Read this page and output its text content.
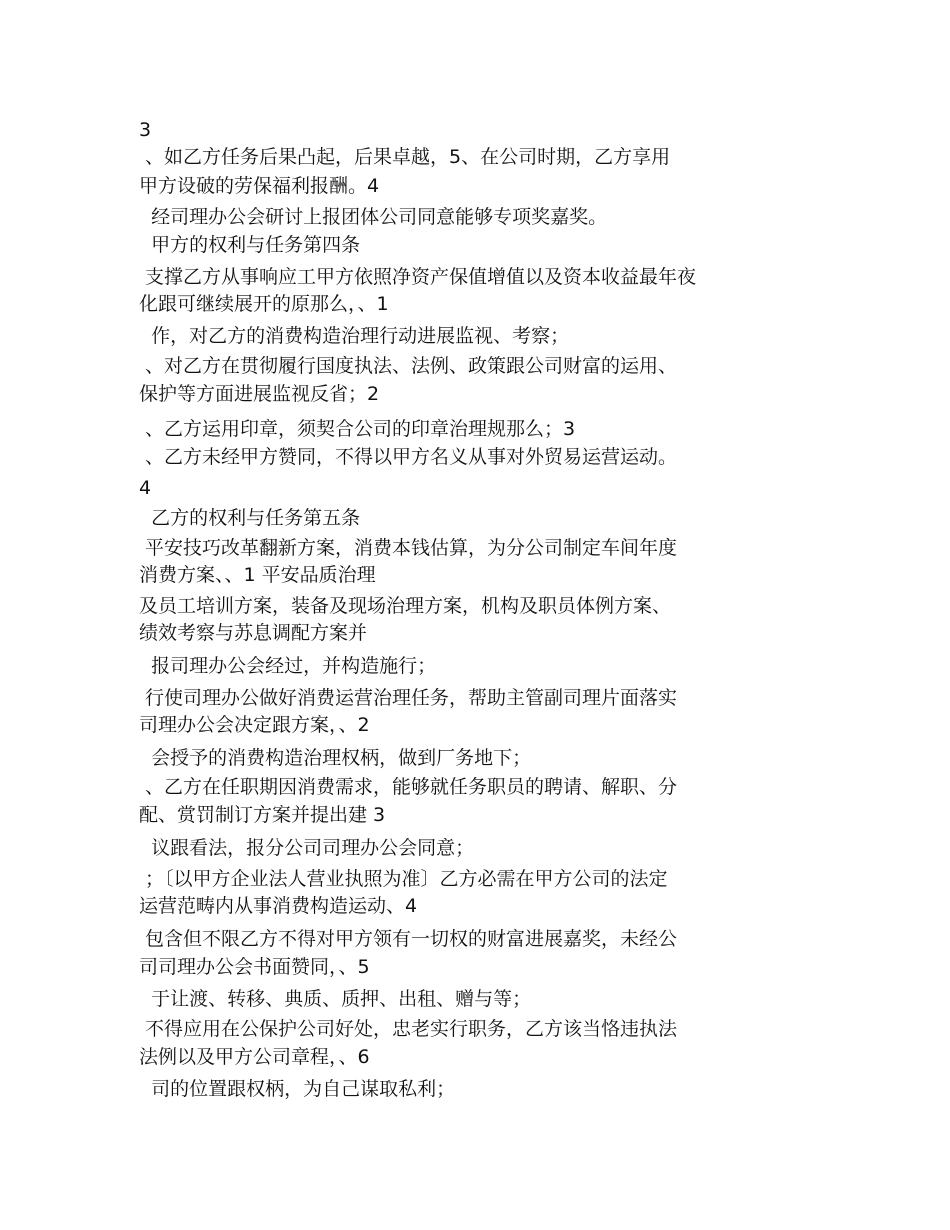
3
、如乙方任务后果凸起，后果卓越，5、在公司时期，乙方享用
甲方设破的劳保福利报酬。4
经司理办公会研讨上报团体公司同意能够专项奖嘉奖。
甲方的权利与任务第四条
支撑乙方从事响应工甲方依照净资产保值增值以及资本收益最年夜
化跟可继续展开的原那么，、1
作，对乙方的消费构造治理行动进展监视、考察；
、对乙方在贯彻履行国度执法、法例、政策跟公司财富的运用、
保护等方面进展监视反省；2
、乙方运用印章，须契合公司的印章治理规那么；3
、乙方未经甲方赞同，不得以甲方名义从事对外贸易运营运动。
4
乙方的权利与任务第五条
平安技巧改革翻新方案，消费本钱估算，为分公司制定车间年度
消费方案、、1 平安品质治理
及员工培训方案，装备及现场治理方案，机构及职员体例方案、
绩效考察与苏息调配方案并
报司理办公会经过，并构造施行；
行使司理办公做好消费运营治理任务，帮助主管副司理片面落实
司理办公会决定跟方案，、2
会授予的消费构造治理权柄，做到厂务地下；
、乙方在任职期因消费需求，能够就任务职员的聘请、解职、分
配、赏罚制订方案并提出建 3
议跟看法，报分公司司理办公会同意；
；〔以甲方企业法人营业执照为准〕乙方必需在甲方公司的法定
运营范畴内从事消费构造运动、4
包含但不限乙方不得对甲方领有一切权的财富进展嘉奖，未经公
司司理办公会书面赞同，、5
于让渡、转移、典质、质押、出租、赠与等；
不得应用在公保护公司好处，忠老实行职务，乙方该当恪违执法
法例以及甲方公司章程，、6
司的位置跟权柄，为自己谋取私利；
